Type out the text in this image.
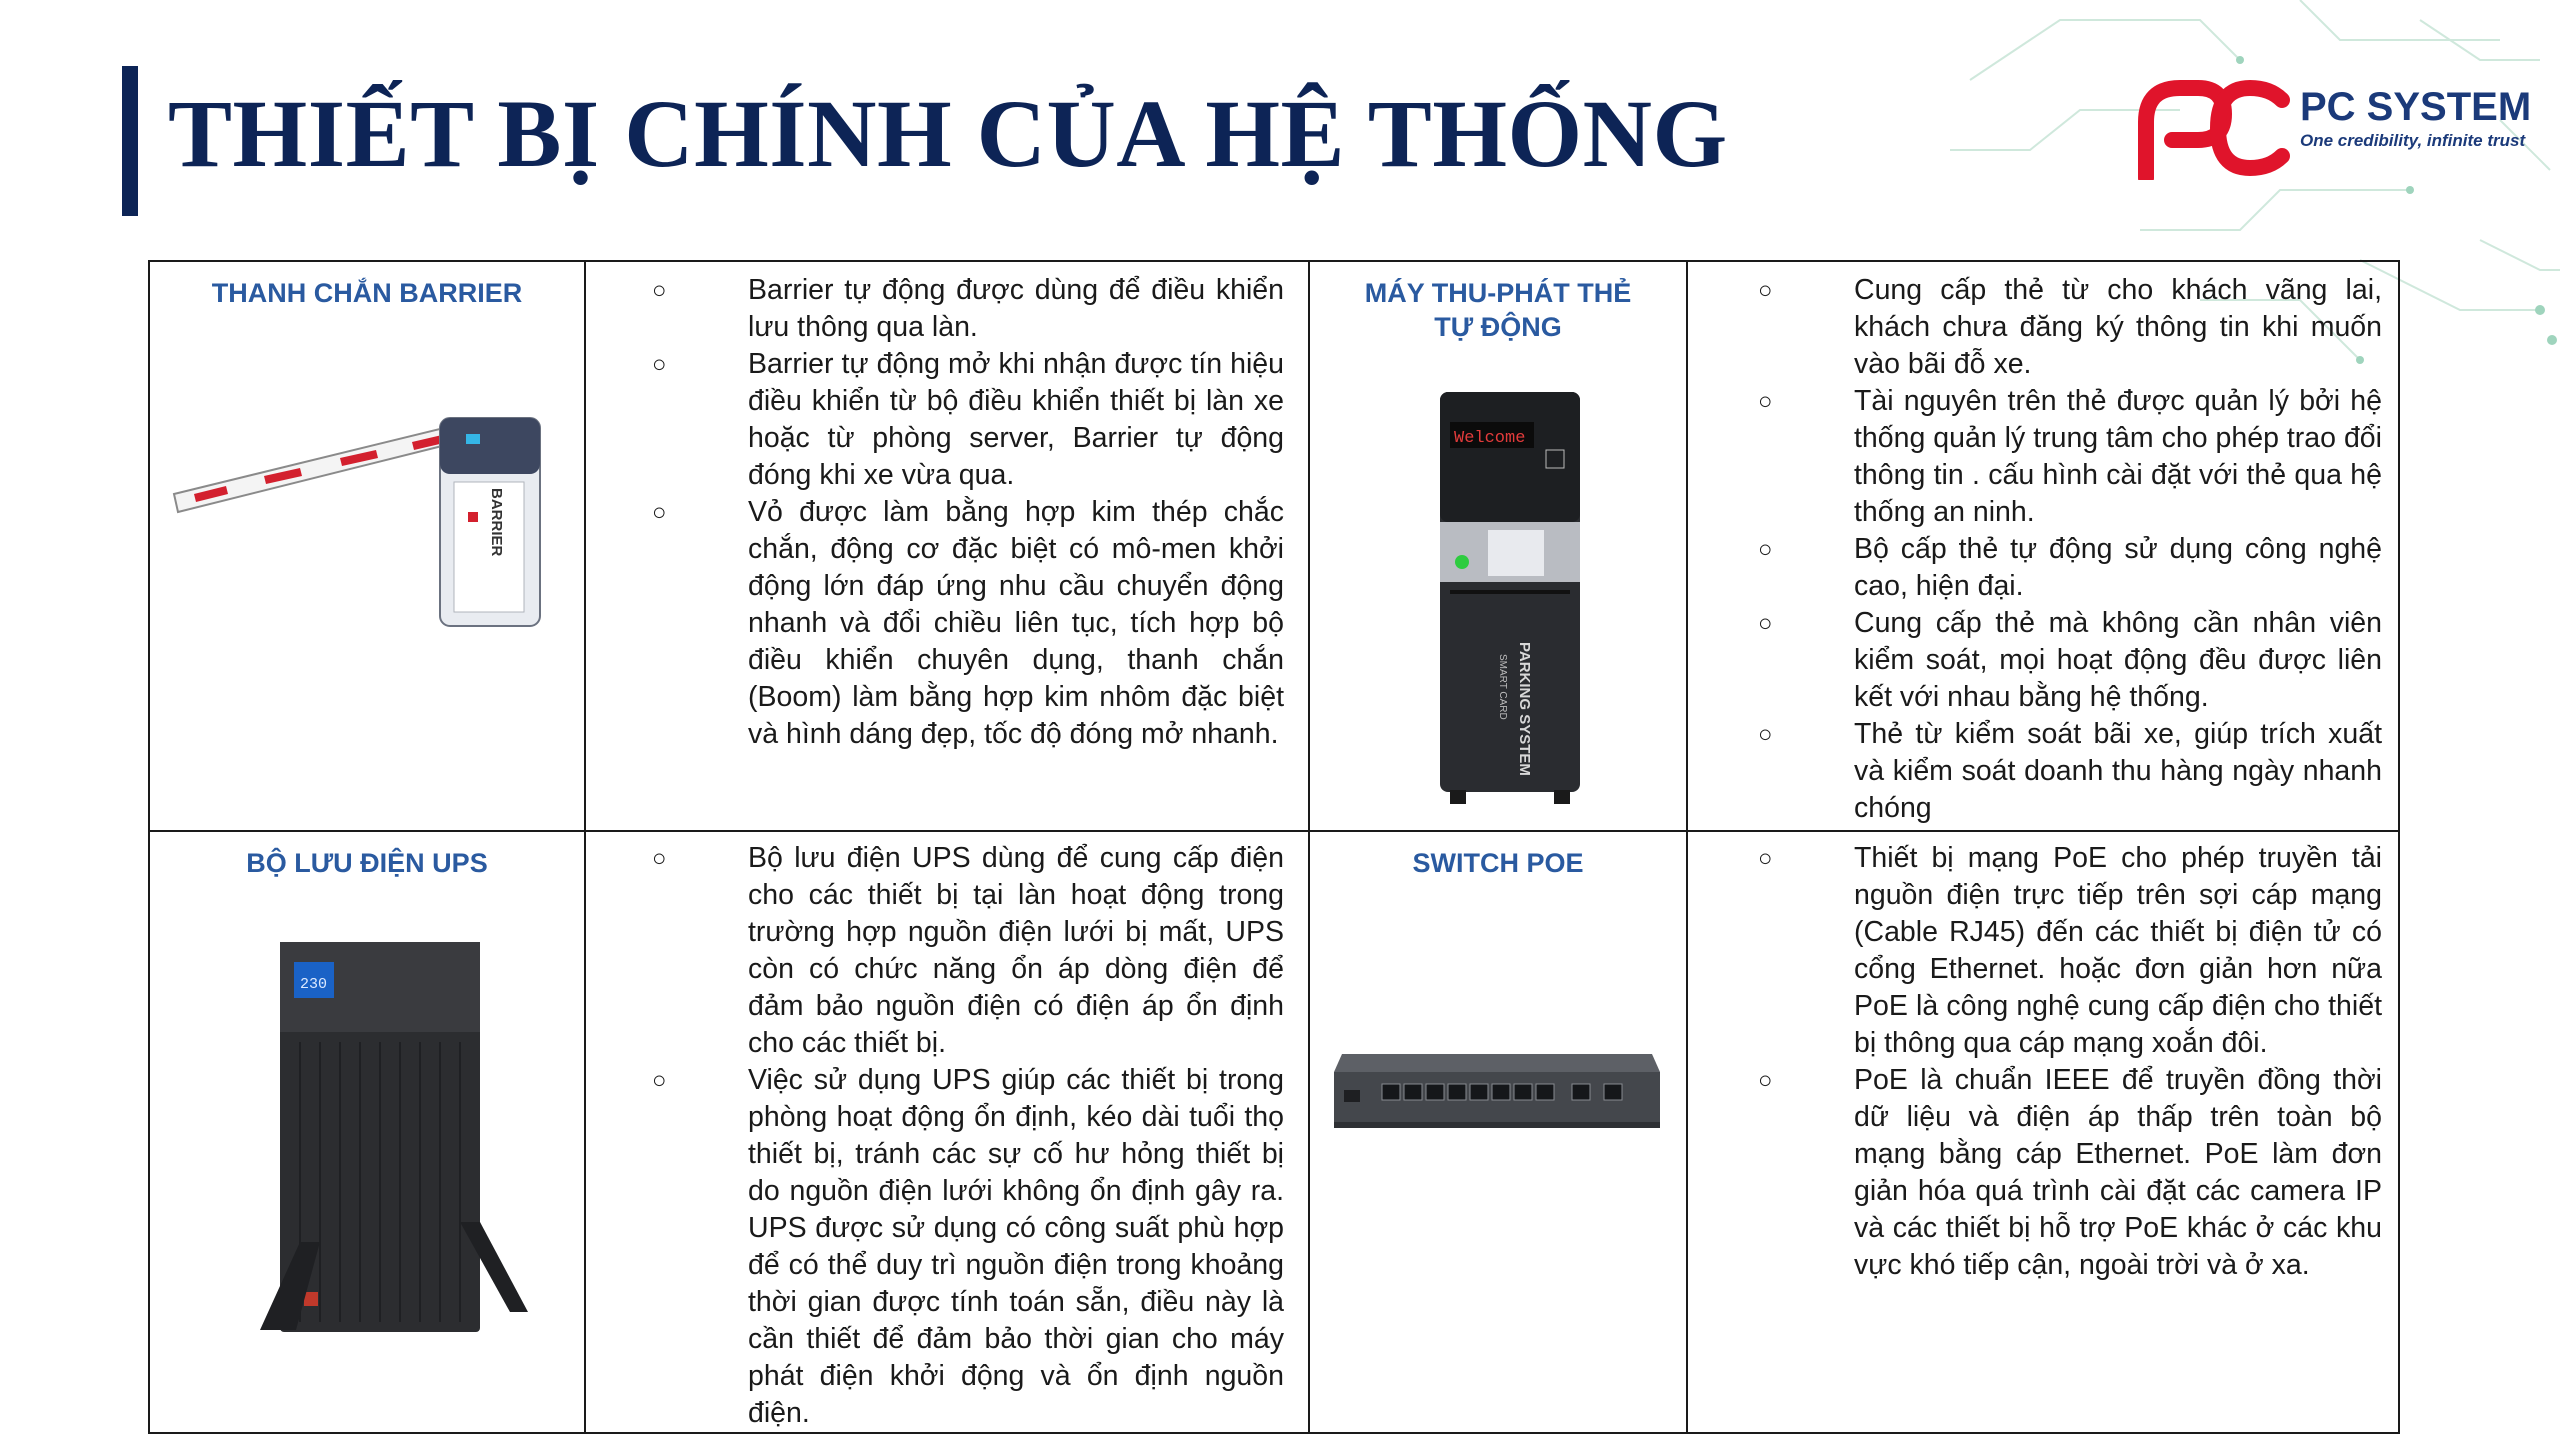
THIẾT BỊ CHÍNH CỦA HỆ THỐNG	PC SYSTEM
One credibility, infinite trust
THANH CHẮN BARRIER
BARRIER
○ Barrier tự động được dùng để điều khiển lưu thông qua làn.
○ Barrier tự động mở khi nhận được tín hiệu điều khiển từ bộ điều khiển thiết bị làn xe hoặc từ phòng server, Barrier tự động đóng khi xe vừa qua.
○ Vỏ được làm bằng hợp kim thép chắc chắn, động cơ đặc biệt có mô-men khởi động lớn đáp ứng nhu cầu chuyển động nhanh và đổi chiều liên tục, tích hợp bộ điều khiển chuyên dụng, thanh chắn (Boom) làm bằng hợp kim nhôm đặc biệt và hình dáng đẹp, tốc độ đóng mở nhanh.
MÁY THU-PHÁT THẺ TỰ ĐỘNG
Welcome
PARKING SYSTEM
SMART CARD
○ Cung cấp thẻ từ cho khách vãng lai, khách chưa đăng ký thông tin khi muốn vào bãi đỗ xe.
○ Tài nguyên trên thẻ được quản lý bởi hệ thống quản lý trung tâm cho phép trao đổi thông tin . cấu hình cài đặt với thẻ qua hệ thống an ninh.
○ Bộ cấp thẻ tự động sử dụng công nghệ cao, hiện đại.
○ Cung cấp thẻ mà không cần nhân viên kiểm soát, mọi hoạt động đều được liên kết với nhau bằng hệ thống.
○ Thẻ từ kiểm soát bãi xe, giúp trích xuất và kiểm soát doanh thu hàng ngày nhanh chóng
BỘ LƯU ĐIỆN UPS
230
○ Bộ lưu điện UPS dùng để cung cấp điện cho các thiết bị tại làn hoạt động trong trường hợp nguồn điện lưới bị mất, UPS còn có chức năng ổn áp dòng điện để đảm bảo nguồn điện có điện áp ổn định cho các thiết bị.
○ Việc sử dụng UPS giúp các thiết bị trong phòng hoạt động ổn định, kéo dài tuổi thọ thiết bị, tránh các sự cố hư hỏng thiết bị do nguồn điện lưới không ổn định gây ra. UPS được sử dụng có công suất phù hợp để có thể duy trì nguồn điện trong khoảng thời gian được tính toán sẵn, điều này là cần thiết để đảm bảo thời gian cho máy phát điện khởi động và ổn định nguồn điện.
SWITCH POE
○	Thiết bị mạng PoE cho phép truyền tải nguồn điện trực tiếp trên sợi cáp mạng (Cable RJ45) đến các thiết bị điện tử có cổng Ethernet. hoặc đơn giản hơn nữa PoE là công nghệ cung cấp điện cho thiết bị thông qua cáp mạng xoắn đôi.
○ PoE là chuẩn IEEE để truyền đồng thời dữ liệu và điện áp thấp trên toàn bộ mạng bằng cáp Ethernet. PoE làm đơn giản hóa quá trình cài đặt các camera IP và các thiết bị hỗ trợ PoE khác ở các khu vực khó tiếp cận, ngoài trời và ở xa.
